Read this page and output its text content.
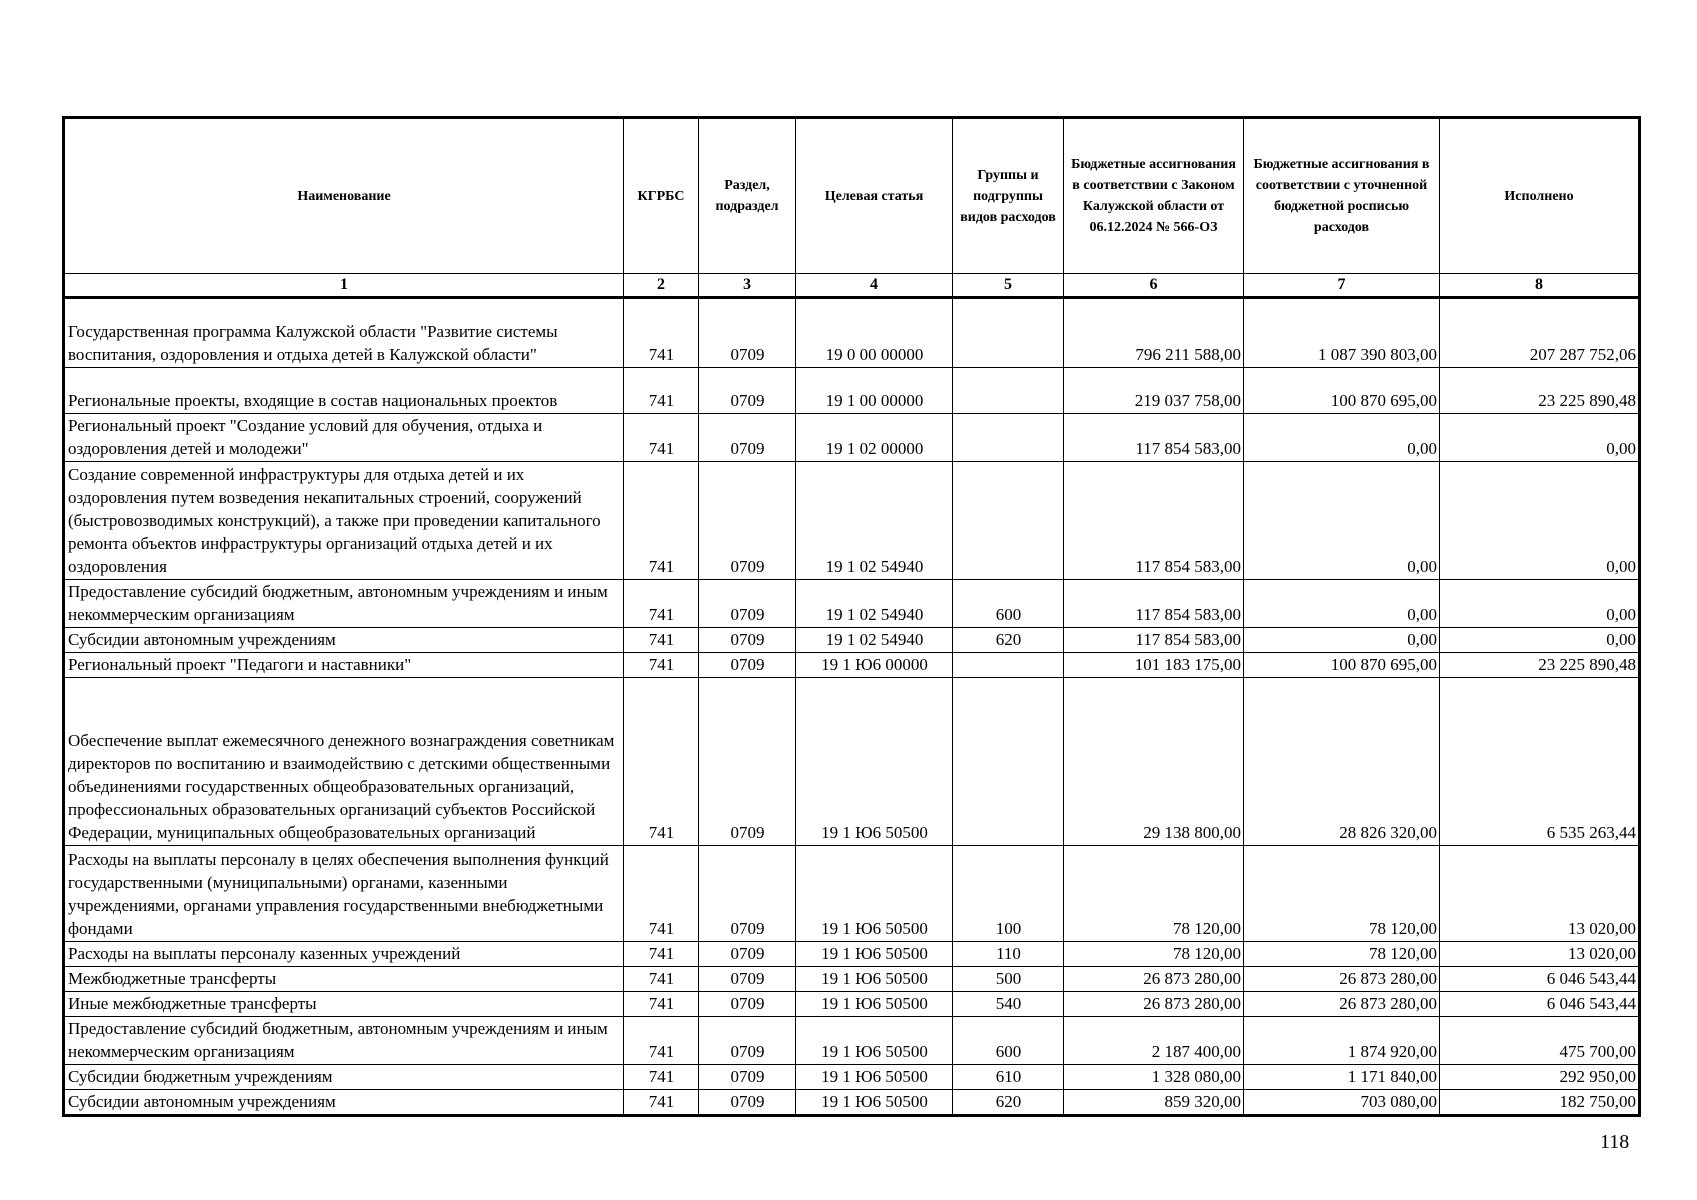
Наименование	КГРБС	Раздел, подраздел	Целевая статья	Группы и подгруппы видов расходов	Бюджетные ассигнования в соответствии с Законом Калужской области от 06.12.2024 № 566-ОЗ	Бюджетные ассигнования в соответствии с уточненной бюджетной росписью расходов	Исполнено
1	2	3	4	5	6	7	8
Государственная программа Калужской области "Развитие системы воспитания, оздоровления и отдыха детей в Калужской области"	741	0709	19 0 00 00000		796 211 588,00	1 087 390 803,00	207 287 752,06
Региональные проекты, входящие в состав национальных проектов	741	0709	19 1 00 00000		219 037 758,00	100 870 695,00	23 225 890,48
Региональный проект "Создание условий для обучения, отдыха и оздоровления детей и молодежи"	741	0709	19 1 02 00000		117 854 583,00	0,00	0,00
Создание современной инфраструктуры для отдыха детей и их оздоровления путем возведения некапитальных строений, сооружений (быстровозводимых конструкций), а также при проведении капитального ремонта объектов инфраструктуры организаций отдыха детей и их оздоровления	741	0709	19 1 02 54940		117 854 583,00	0,00	0,00
Предоставление субсидий бюджетным, автономным учреждениям и иным некоммерческим организациям	741	0709	19 1 02 54940	600	117 854 583,00	0,00	0,00
Субсидии автономным учреждениям	741	0709	19 1 02 54940	620	117 854 583,00	0,00	0,00
Региональный проект "Педагоги и наставники"	741	0709	19 1 Ю6 00000		101 183 175,00	100 870 695,00	23 225 890,48
Обеспечение выплат ежемесячного денежного вознаграждения советникам директоров по воспитанию и взаимодействию с детскими общественными объединениями государственных общеобразовательных организаций, профессиональных образовательных организаций субъектов Российской Федерации, муниципальных общеобразовательных организаций	741	0709	19 1 Ю6 50500		29 138 800,00	28 826 320,00	6 535 263,44
Расходы на выплаты персоналу в целях обеспечения выполнения функций государственными (муниципальными) органами, казенными учреждениями, органами управления государственными внебюджетными фондами	741	0709	19 1 Ю6 50500	100	78 120,00	78 120,00	13 020,00
Расходы на выплаты персоналу казенных учреждений	741	0709	19 1 Ю6 50500	110	78 120,00	78 120,00	13 020,00
Межбюджетные трансферты	741	0709	19 1 Ю6 50500	500	26 873 280,00	26 873 280,00	6 046 543,44
Иные межбюджетные трансферты	741	0709	19 1 Ю6 50500	540	26 873 280,00	26 873 280,00	6 046 543,44
Предоставление субсидий бюджетным, автономным учреждениям и иным некоммерческим организациям	741	0709	19 1 Ю6 50500	600	2 187 400,00	1 874 920,00	475 700,00
Субсидии бюджетным учреждениям	741	0709	19 1 Ю6 50500	610	1 328 080,00	1 171 840,00	292 950,00
Субсидии автономным учреждениям	741	0709	19 1 Ю6 50500	620	859 320,00	703 080,00	182 750,00
118
